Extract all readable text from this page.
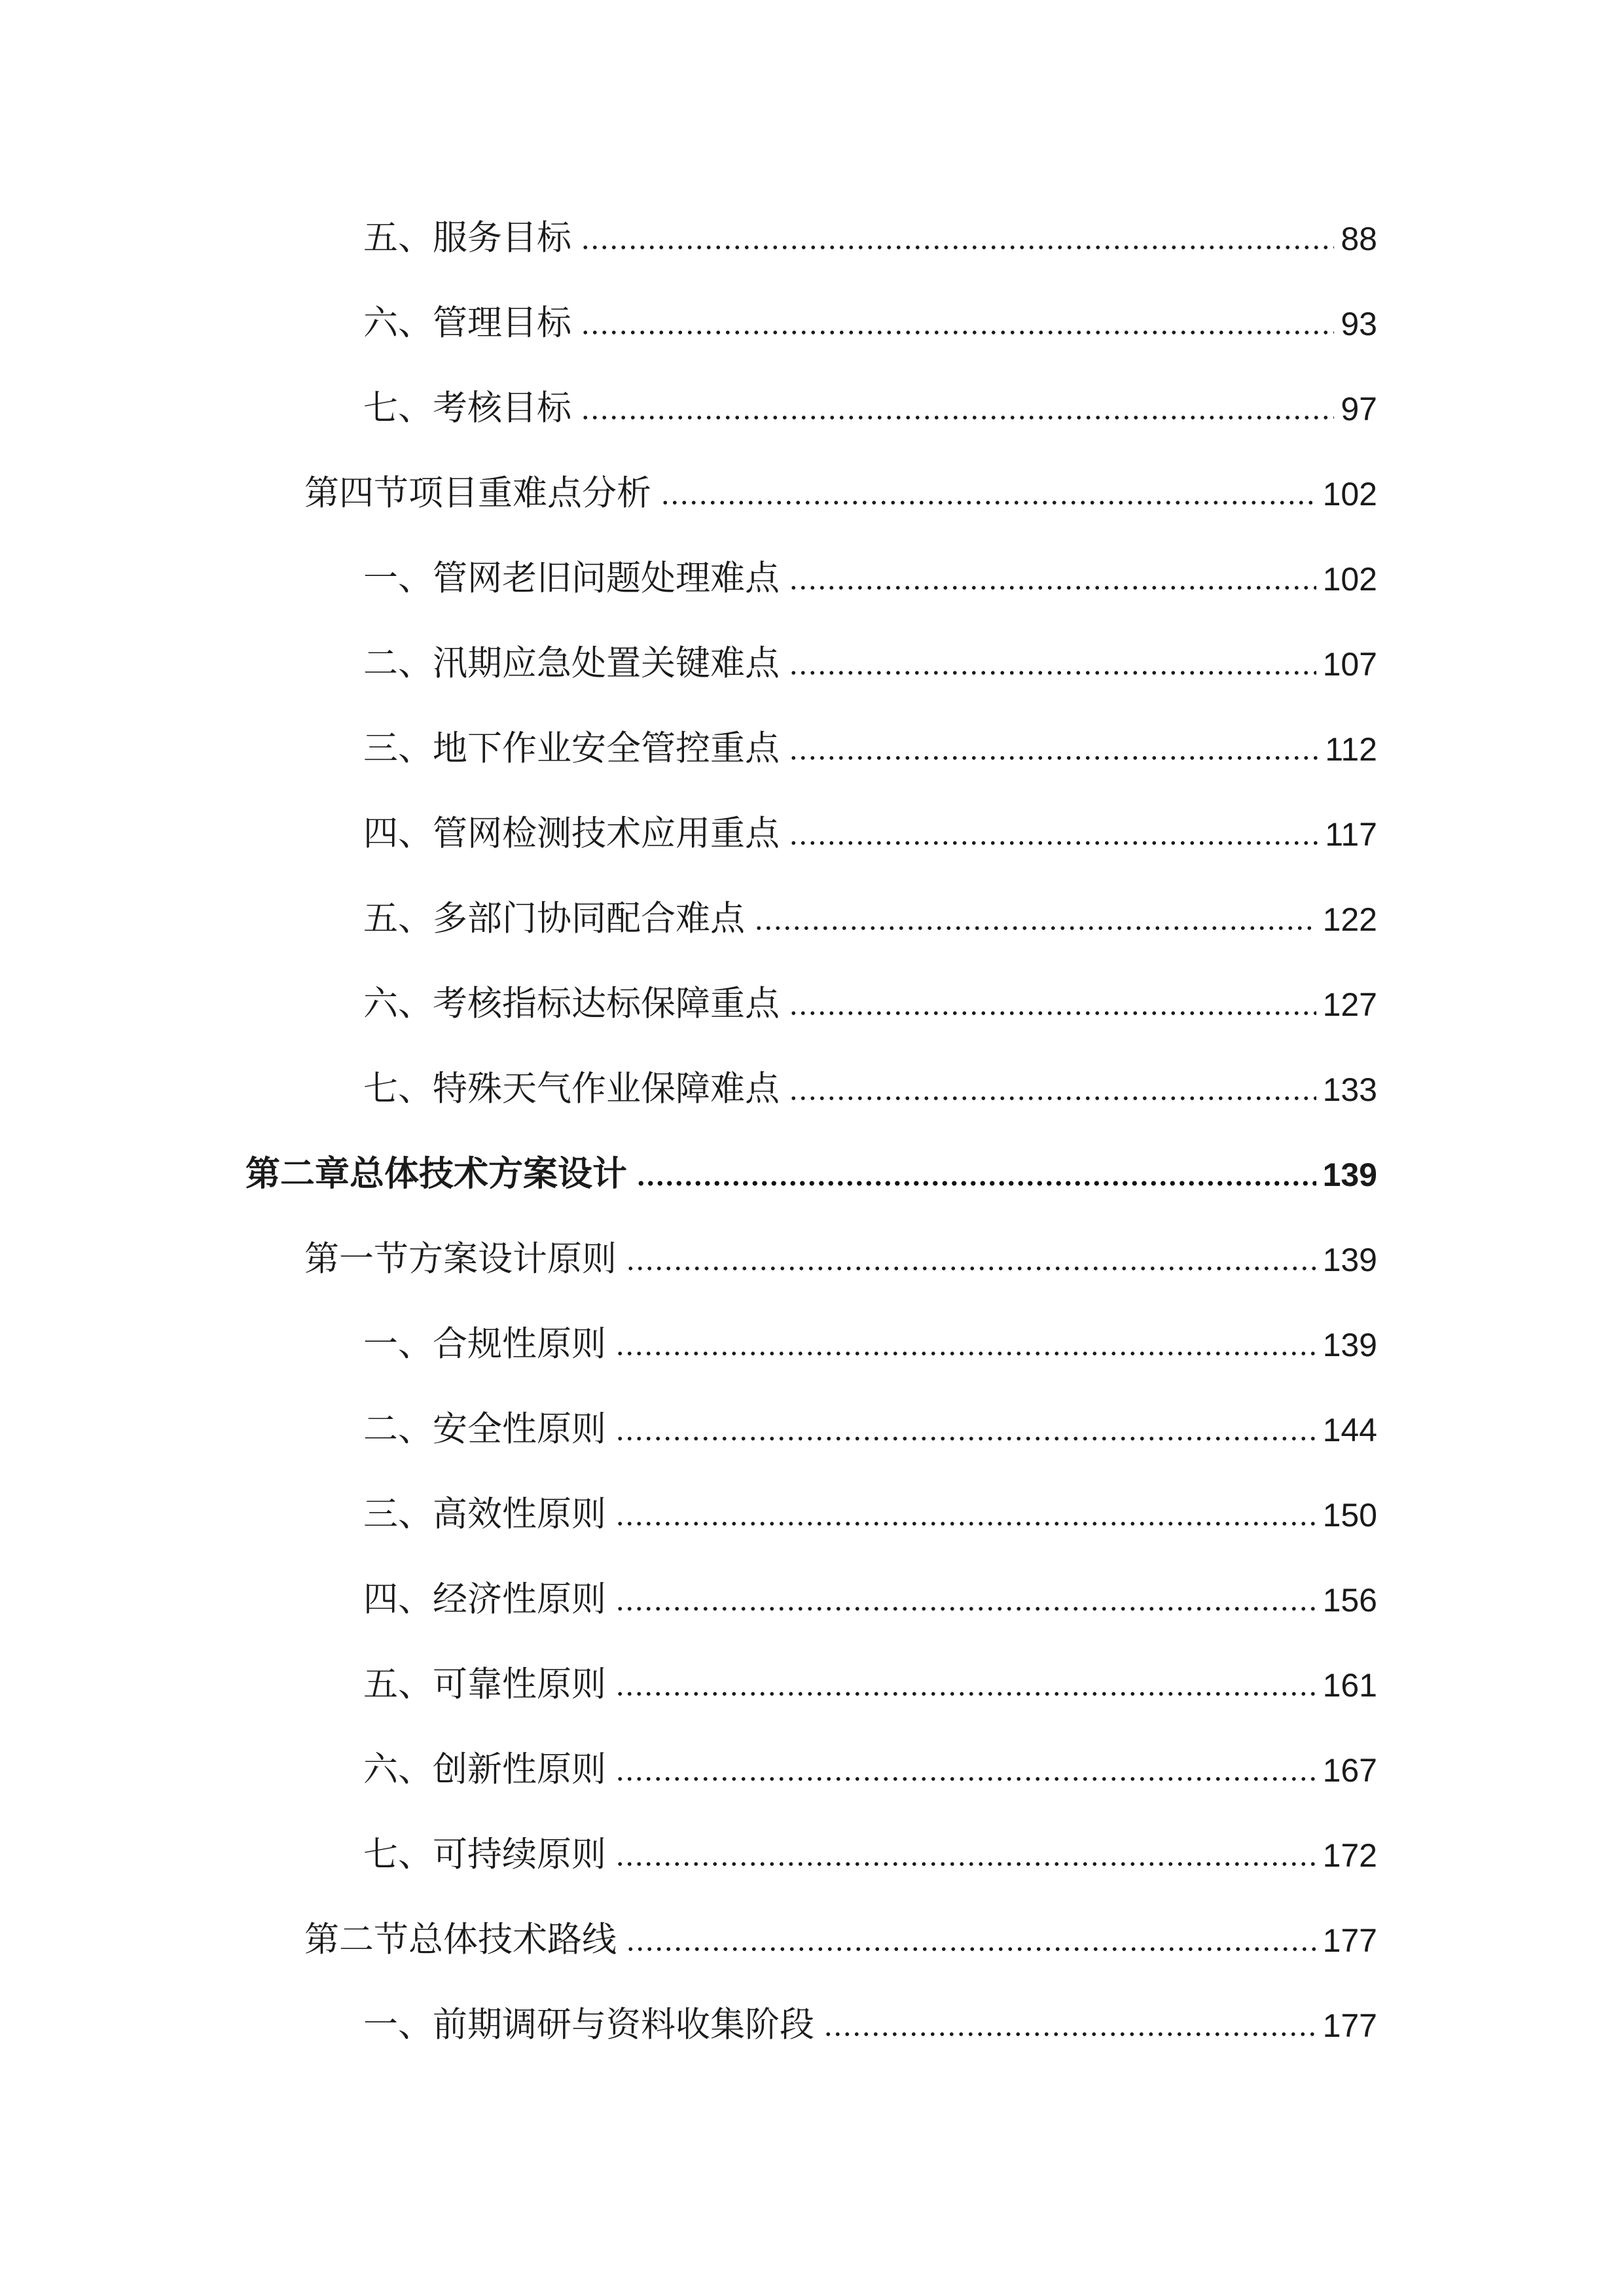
五、服务目标	88
六、管理目标	93
七、考核目标	97
第四节项目重难点分析	102
一、管网老旧问题处理难点	102
二、汛期应急处置关键难点	107
三、地下作业安全管控重点	112
四、管网检测技术应用重点	117
五、多部门协同配合难点	122
六、考核指标达标保障重点	127
七、特殊天气作业保障难点	133
第二章总体技术方案设计	139
第一节方案设计原则	139
一、合规性原则	139
二、安全性原则	144
三、高效性原则	150
四、经济性原则	156
五、可靠性原则	161
六、创新性原则	167
七、可持续原则	172
第二节总体技术路线	177
一、前期调研与资料收集阶段	177
